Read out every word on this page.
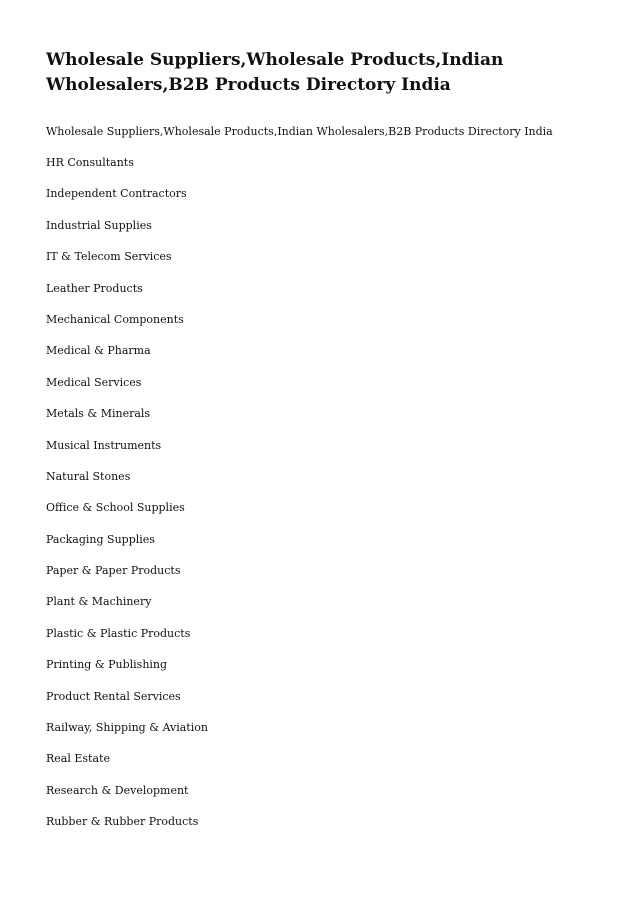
Wholesale Suppliers,Wholesale Products,Indian Wholesalers,B2B Products Directory India

Wholesale Suppliers,Wholesale Products,Indian Wholesalers,B2B Products Directory India

HR Consultants
Independent Contractors
Industrial Supplies
IT & Telecom Services
Leather Products
Mechanical Components
Medical & Pharma
Medical Services
Metals & Minerals
Musical Instruments
Natural Stones
Office & School Supplies
Packaging Supplies
Paper & Paper Products
Plant & Machinery
Plastic & Plastic Products
Printing & Publishing
Product Rental Services
Railway, Shipping & Aviation
Real Estate
Research & Development
Rubber & Rubber Products
